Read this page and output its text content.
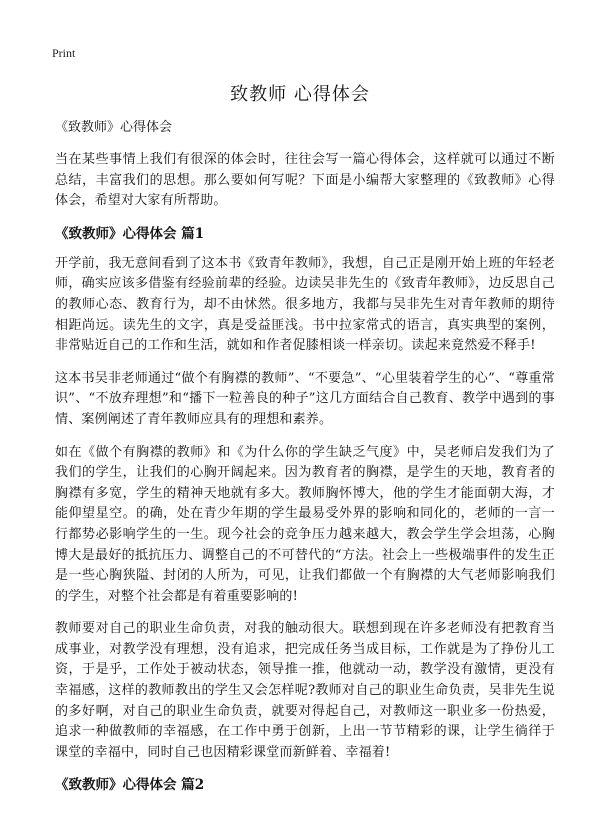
Print
致教师 心得体会
《致教师》心得体会

当在某些事情上我们有很深的体会时，往往会写一篇心得体会，这样就可以通过不断总结，丰富我们的思想。那么要如何写呢？下面是小编帮大家整理的《致教师》心得体会，希望对大家有所帮助。

《致教师》心得体会 篇1

开学前，我无意间看到了这本书《致青年教师》，我想，自己正是刚开始上班的年轻老师，确实应该多借鉴有经验前辈的经验。边读吴非先生的《致青年教师》，边反思自己的教师心态、教育行为，却不由怵然。很多地方，我都与吴非先生对青年教师的期待相距尚远。读先生的文字，真是受益匪浅。书中拉家常式的语言，真实典型的案例，非常贴近自己的工作和生活，就如和作者促膝相谈一样亲切。读起来竟然爱不释手!

这本书吴非老师通过“做个有胸襟的教师”、“不要急”、“心里装着学生的心”、“尊重常识”、“不放弃理想”和“播下一粒善良的种子”这几方面结合自己教育、教学中遇到的事情、案例阐述了青年教师应具有的理想和素养。

如在《做个有胸襟的教师》和《为什么你的学生缺乏气度》中，吴老师启发我们为了我们的学生，让我们的心胸开阔起来。因为教育者的胸襟，是学生的天地，教育者的胸襟有多宽，学生的精神天地就有多大。教师胸怀博大，他的学生才能面朝大海，才能仰望星空。的确，处在青少年期的学生最易受外界的影响和同化的，老师的一言一行都势必影响学生的一生。现今社会的竞争压力越来越大，教会学生学会坦荡，心胸博大是最好的抵抗压力、调整自己的不可替代的“方法。社会上一些极端事件的发生正是一些心胸狭隘、封闭的人所为，可见，让我们都做一个有胸襟的大气老师影响我们的学生，对整个社会都是有着重要影响的!

教师要对自己的职业生命负责，对我的触动很大。联想到现在许多老师没有把教育当成事业，对教学没有理想，没有追求，把完成任务当成目标，工作就是为了挣份儿工资，于是乎，工作处于被动状态，领导推一推，他就动一动，教学没有激情，更没有幸福感，这样的教师教出的学生又会怎样呢?教师对自己的职业生命负责，吴非先生说的多好啊，对自己的职业生命负责，就要对得起自己，对教师这一职业多一份热爱，追求一种做教师的幸福感，在工作中勇于创新，上出一节节精彩的课，让学生徜徉于课堂的幸福中，同时自己也因精彩课堂而新鲜着、幸福着!

《致教师》心得体会 篇2
